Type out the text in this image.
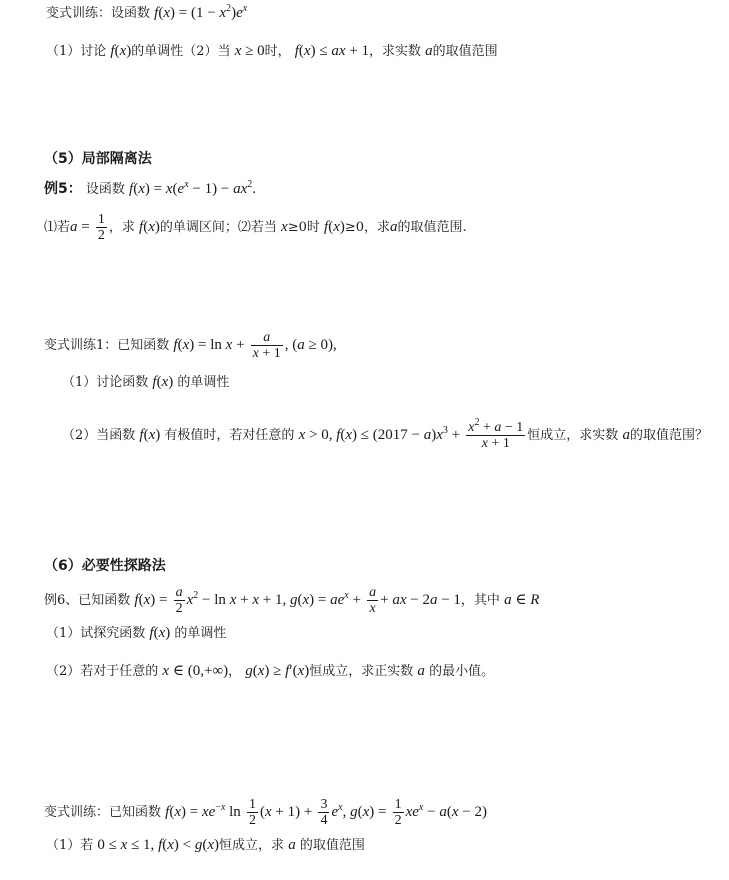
变式训练：设函数 $f(x) = (1 - x^2)e^x$
（1）讨论 f(x)的单调性（2）当 x ≥ 0时， f(x) ≤ ax + 1，求实数 a的取值范围
（5）局部隔离法
例5： 设函数 $f(x) = x(e^x - 1) - ax^2$.
⑴若$a = \frac{1}{2}$ ，求 f(x)的单调区间；⑵若当 x≥0时 f(x)≥0，求a的取值范围.
变式训练1：已知函数 $f(x) = \ln x + \frac{a}{x + 1}$ , (a ≥ 0),
（1）讨论函数 f(x) 的单调性
（2）当函数 f(x) 有极值时，若对任意的 x > 0, $f(x) \le (2017 - a)x^3 + \frac{x^2 + a - 1}{x + 1}$ 恒成立，求实数 a的取值范围？
（6）必要性探路法
例6、已知函数 $f(x) = \frac{a}{2} x^2 - \ln x + x + 1$, $g(x) = ae^x + \frac{a}{x}$ + ax − 2a − 1，其中 a ∈ R
（1）试探究函数 f(x) 的单调性
（2）若对于任意的 x ∈ (0,+∞)， g(x) ≥ f′(x)恒成立，求正实数 a 的最小值。
变式训练：已知函数 $f(x) = xe^{-x}$ $\ln \frac{1}{2} (x + 1) + \frac{3}{4} e^x$, $g(x) = \frac{1}{2} xe^x - a(x - 2)$
（1）若 0 ≤ x ≤ 1, f(x) < g(x)恒成立，求 a 的取值范围
